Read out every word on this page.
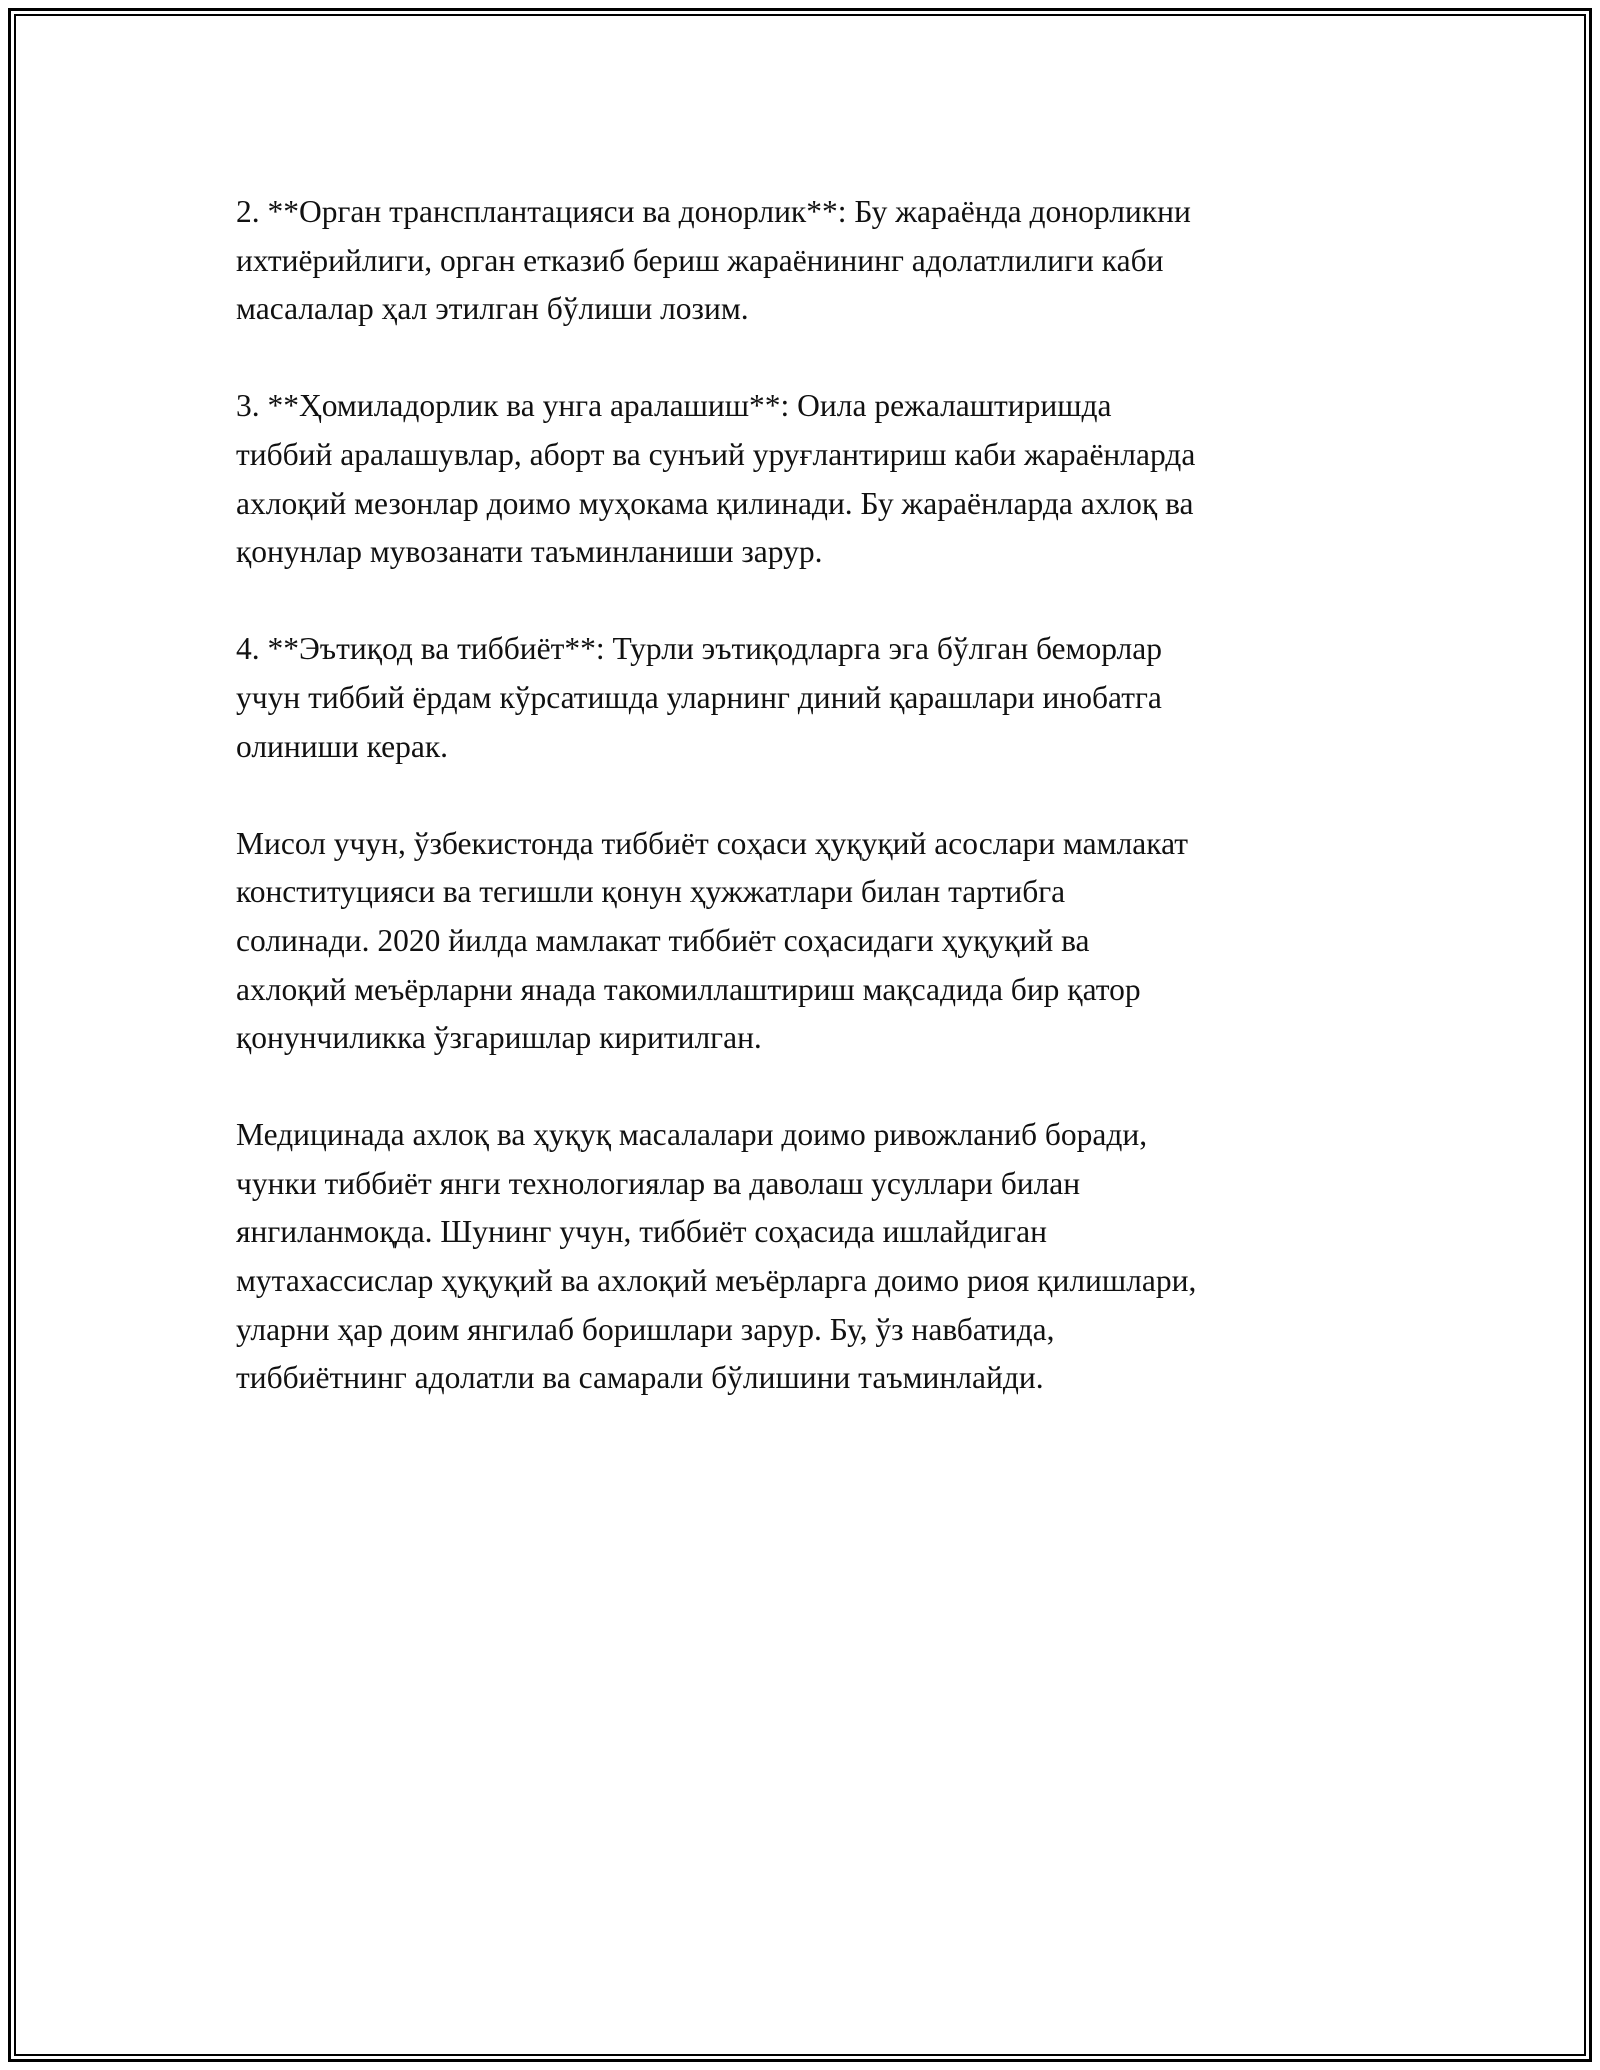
2. **Орган трансплантацияси ва донорлик**: Бу жараёнда донорликни
ихтиёрийлиги, орган етказиб бериш жараёнининг адолатлилиги каби
масалалар ҳал этилган бўлиши лозим.

3. **Ҳомиладорлик ва унга аралашиш**: Оила режалаштиришда
тиббий аралашувлар, аборт ва сунъий уруғлантириш каби жараёнларда
ахлоқий мезонлар доимо муҳокама қилинади. Бу жараёнларда ахлоқ ва
қонунлар мувозанати таъминланиши зарур.

4. **Эътиқод ва тиббиёт**: Турли эътиқодларга эга бўлган беморлар
учун тиббий ёрдам кўрсатишда уларнинг диний қарашлари инобатга
олиниши керак.

Мисол учун, ўзбекистонда тиббиёт соҳаси ҳуқуқий асослари мамлакат
конституцияси ва тегишли қонун ҳужжатлари билан тартибга
солинади. 2020 йилда мамлакат тиббиёт соҳасидаги ҳуқуқий ва
ахлоқий меъёрларни янада такомиллаштириш мақсадида бир қатор
қонунчиликка ўзгаришлар киритилган.

Медицинада ахлоқ ва ҳуқуқ масалалари доимо ривожланиб боради,
чунки тиббиёт янги технологиялар ва даволаш усуллари билан
янгиланмоқда. Шунинг учун, тиббиёт соҳасида ишлайдиган
мутахассислар ҳуқуқий ва ахлоқий меъёрларга доимо риоя қилишлари,
уларни ҳар доим янгилаб боришлари зарур. Бу, ўз навбатида,
тиббиётнинг адолатли ва самарали бўлишини таъминлайди.
